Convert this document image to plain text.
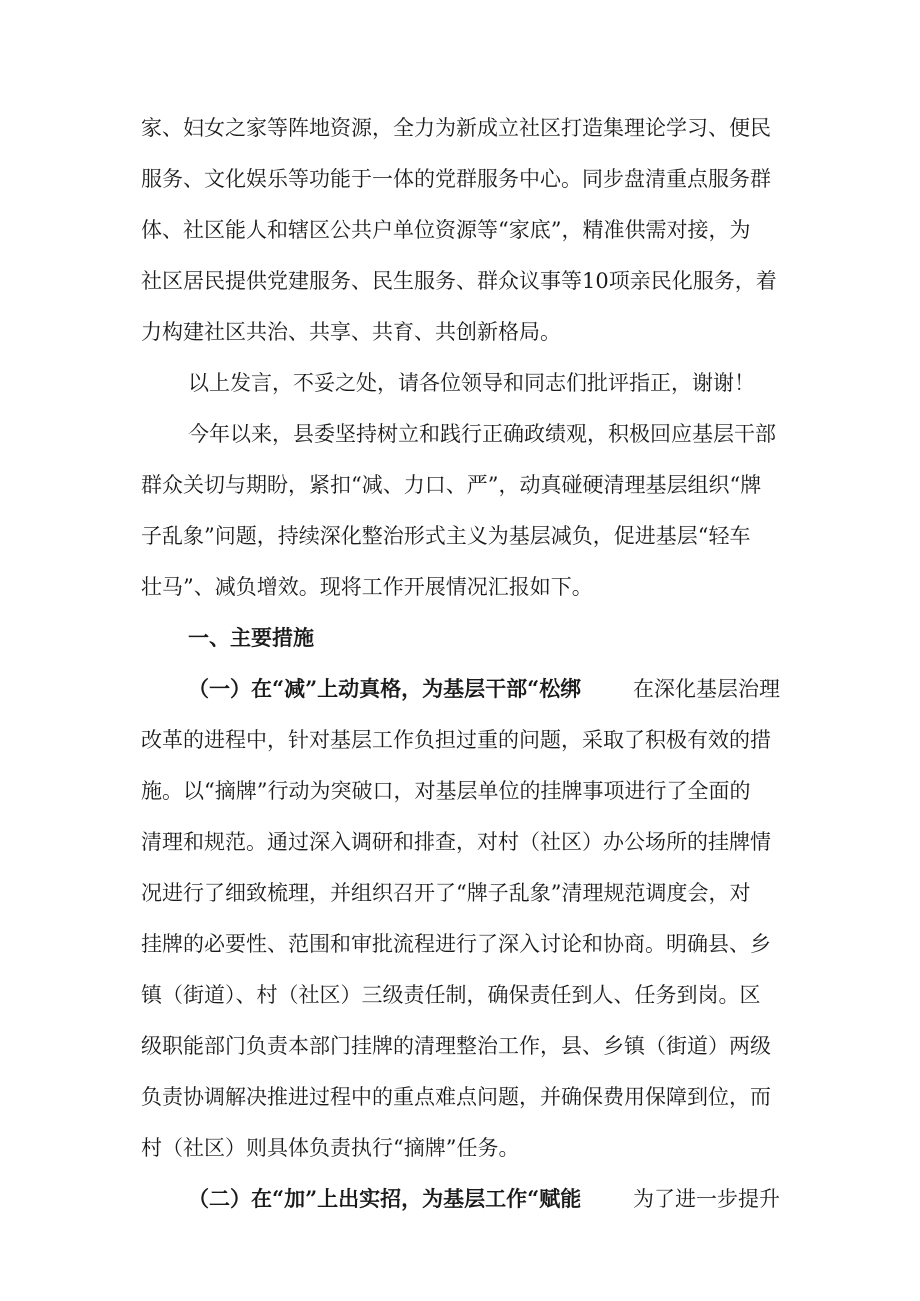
家、妇女之家等阵地资源，全力为新成立社区打造集理论学习、便民
服务、文化娱乐等功能于一体的党群服务中心。同步盘清重点服务群
体、社区能人和辖区公共户单位资源等“家底”，精准供需对接，为
社区居民提供党建服务、民生服务、群众议事等10项亲民化服务，着
力构建社区共治、共享、共育、共创新格局。
以上发言，不妥之处，请各位领导和同志们批评指正，谢谢！
今年以来，县委坚持树立和践行正确政绩观，积极回应基层干部
群众关切与期盼，紧扣“减、力口、严”，动真碰硬清理基层组织“牌
子乱象”问题，持续深化整治形式主义为基层减负，促进基层“轻车
壮马”、减负增效。现将工作开展情况汇报如下。
一、主要措施
（一）在“减”上动真格，为基层干部“松绑 在深化基层治理
改革的进程中，针对基层工作负担过重的问题，采取了积极有效的措
施。以“摘牌”行动为突破口，对基层单位的挂牌事项进行了全面的
清理和规范。通过深入调研和排查，对村（社区）办公场所的挂牌情
况进行了细致梳理，并组织召开了“牌子乱象”清理规范调度会，对
挂牌的必要性、范围和审批流程进行了深入讨论和协商。明确县、乡
镇（街道）、村（社区）三级责任制，确保责任到人、任务到岗。区
级职能部门负责本部门挂牌的清理整治工作，县、乡镇（街道）两级
负责协调解决推进过程中的重点难点问题，并确保费用保障到位，而
村（社区）则具体负责执行“摘牌”任务。
（二）在“加”上出实招，为基层工作“赋能 为了进一步提升
